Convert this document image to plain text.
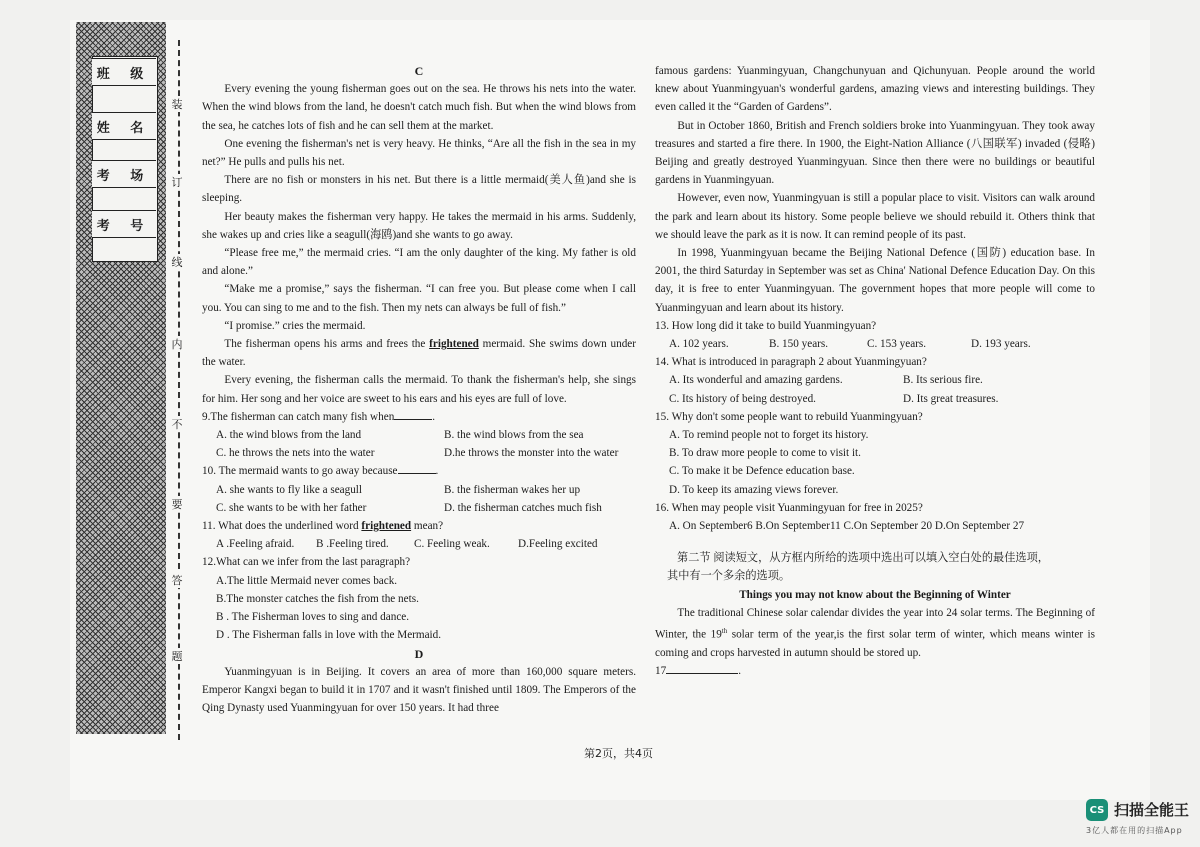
班 级
姓 名
考 场
考 号
装
订
线
内
不
要
答
题

C

Every evening the young fisherman goes out on the sea. He throws his nets into the water. When the wind blows from the land, he doesn't catch much fish. But when the wind blows from the sea, he catches lots of fish and he can sell them at the market.

One evening the fisherman's net is very heavy. He thinks, “Are all the fish in the sea in my net?” He pulls and pulls his net.

There are no fish or monsters in his net. But there is a little mermaid(美人鱼)and she is sleeping.

Her beauty makes the fisherman very happy. He takes the mermaid in his arms. Suddenly, she wakes up and cries like a seagull(海鸥)and she wants to go away.

“Please free me,” the mermaid cries. “I am the only daughter of the king. My father is old and alone.”

“Make me a promise,” says the fisherman. “I can free you. But please come when I call you. You can sing to me and to the fish. Then my nets can always be full of fish.”

“I promise.” cries the mermaid.

The fisherman opens his arms and frees the frightened mermaid. She swims down under the water.

Every evening, the fisherman calls the mermaid. To thank the fisherman's help, she sings for him. Her song and her voice are sweet to his ears and his eyes are full of love.

9.The fisherman can catch many fish when	.

A. the wind blows from the land	B. the wind blows from the sea
C. he throws the nets into the water	D.he throws the monster into the water

10. The mermaid wants to go away because	.

A. she wants to fly like a seagull	B. the fisherman wakes her up
C. she wants to be with her father	D. the fisherman catches much fish

11. What does the underlined word frightened mean?

A .Feeling afraid.	B .Feeling tired.	C. Feeling weak.	D.Feeling excited

12.What can we infer from the last paragraph?

A.The little Mermaid never comes back.
B.The monster catches the fish from the nets.
B . The Fisherman loves to sing and dance.
D . The Fisherman falls in love with the Mermaid.

D

Yuanmingyuan is in Beijing. It covers an area of more than 160,000 square meters. Emperor Kangxi began to build it in 1707 and it wasn't finished until 1809. The Emperors of the Qing Dynasty used Yuanmingyuan for over 150 years. It had three

famous gardens: Yuanmingyuan, Changchunyuan and Qichunyuan. People around the world knew about Yuanmingyuan's wonderful gardens, amazing views and interesting buildings. They even called it the “Garden of Gardens”.

But in October 1860, British and French soldiers broke into Yuanmingyuan. They took away treasures and started a fire there. In 1900, the Eight-Nation Alliance (八国联军) invaded (侵略) Beijing and greatly destroyed Yuanmingyuan. Since then there were no buildings or beautiful gardens in Yuanmingyuan.

However, even now, Yuanmingyuan is still a popular place to visit. Visitors can walk around the park and learn about its history. Some people believe we should rebuild it. Others think that we should leave the park as it is now. It can remind people of its past.

In 1998, Yuanmingyuan became the Beijing National Defence (国防) education base. In 2001, the third Saturday in September was set as China' National Defence Education Day. On this day, it is free to enter Yuanmingyuan. The government hopes that more people will come to Yuanmingyuan and learn about its history.

13. How long did it take to build Yuanmingyuan?

A. 102 years.	B. 150 years.	C. 153 years.	D. 193 years.

14. What is introduced in paragraph 2 about Yuanmingyuan?

A. Its wonderful and amazing gardens.	B. Its serious fire.
C. Its history of being destroyed.	D. Its great treasures.

15. Why don't some people want to rebuild Yuanmingyuan?

A. To remind people not to forget its history.
B. To draw more people to come to visit it.
C. To make it be Defence education base.
D. To keep its amazing views forever.

16. When may people visit Yuanmingyuan for free in 2025?

A. On September6 B.On September11 C.On September 20 D.On September 27

第二节 阅读短文，从方框内所给的选项中选出可以填入空白处的最佳选项，

其中有一个多余的选项。

Things you may not know about the Beginning of Winter

The traditional Chinese solar calendar divides the year into 24 solar terms. The Beginning of Winter, the 19th solar term of the year,is the first solar term of winter, which means winter is coming and crops harvested in autumn should be stored up.

17	.

第2页，共4页
CS 扫描全能王
3亿人都在用的扫描App
